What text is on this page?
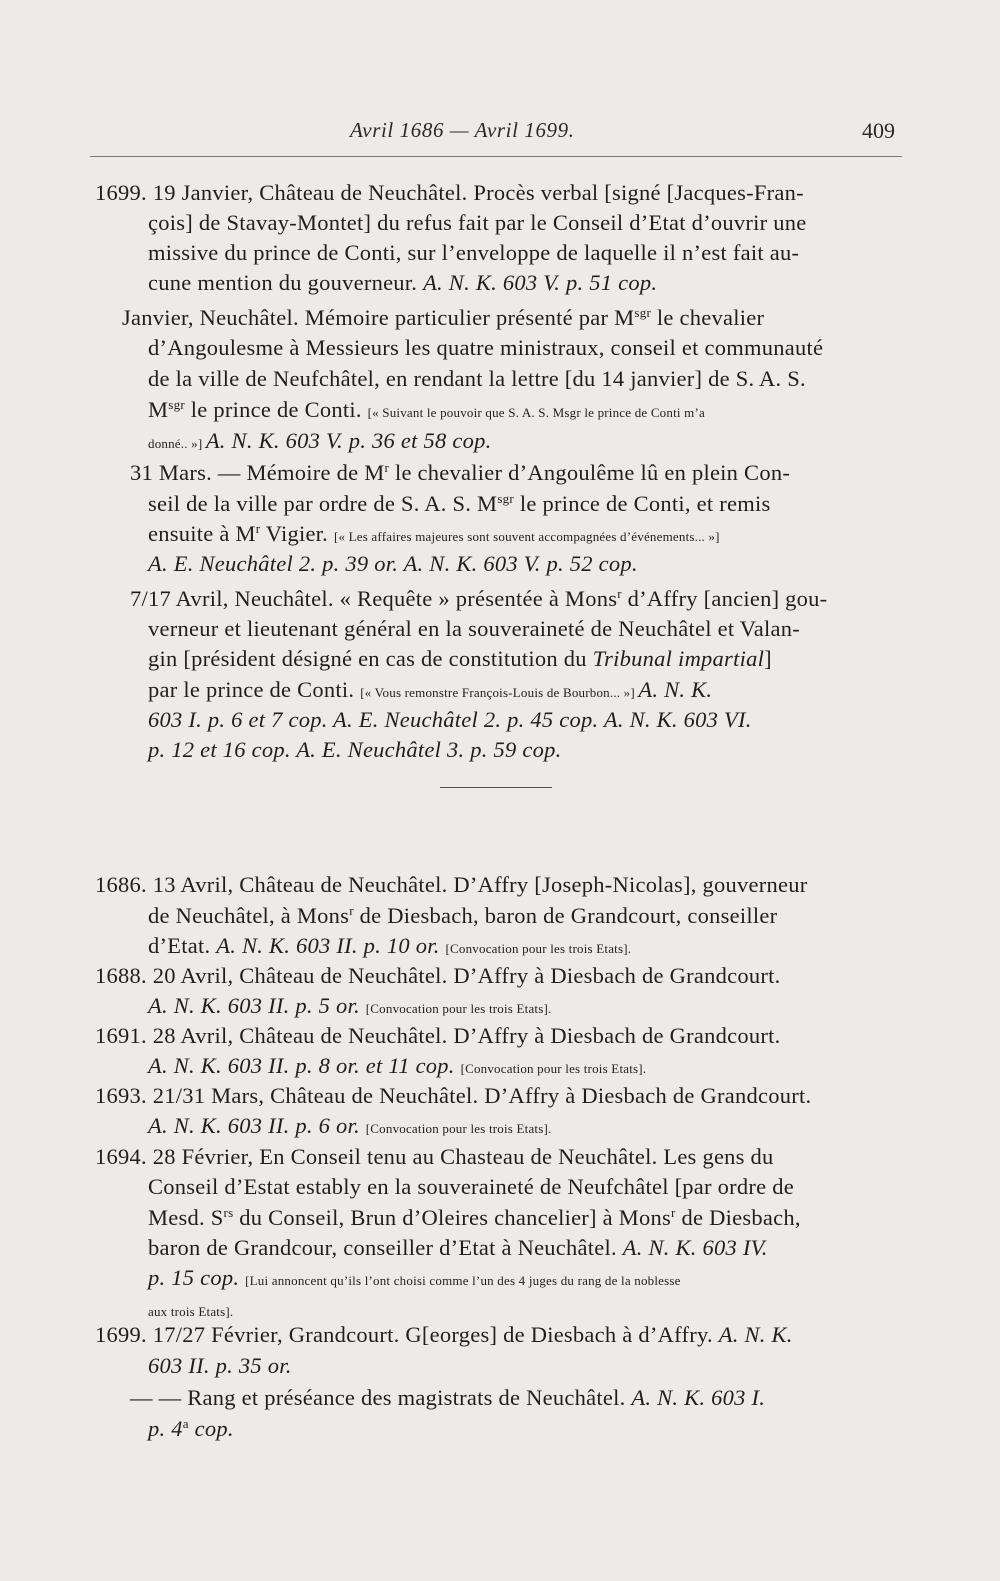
Avril 1686 — Avril 1699.	409
1699. 19 Janvier, Château de Neuchâtel. Procès verbal [signé [Jacques-Fran-
çois] de Stavay-Montet] du refus fait par le Conseil d’Etat d’ouvrir une
missive du prince de Conti, sur l’enveloppe de laquelle il n’est fait au-
cune mention du gouverneur. A. N. K. 603 V. p. 51 cop.
Janvier, Neuchâtel. Mémoire particulier présenté par $M^{sgr}$ le chevalier
d’Angoulesme à Messieurs les quatre ministraux, conseil et communauté
de la ville de Neufchâtel, en rendant la lettre [du 14 janvier] de S. A. S.
$M^{sgr}$ le prince de Conti. [« Suivant le pouvoir que S. A. S. Msgr le prince de Conti m’a
donné.. »] A. N. K. 603 V. p. 36 et 58 cop.
31 Mars. — Mémoire de $M^r$ le chevalier d’Angoulême lû en plein Con-
seil de la ville par ordre de S. A. S. $M^{sgr}$ le prince de Conti, et remis
ensuite à $M^r$ Vigier. [« Les affaires majeures sont souvent accompagnées d’événements... »]
A. E. Neuchâtel 2. p. 39 or. A. N. K. 603 V. p. 52 cop.
7/17 Avril, Neuchâtel. « Requête » présentée à Mons$^r$ d’Affry [ancien] gou-
verneur et lieutenant général en la souveraineté de Neuchâtel et Valan-
gin [président désigné en cas de constitution du Tribunal impartial]
par le prince de Conti. [« Vous remonstre François-Louis de Bourbon... »] A. N. K.
603 I. p. 6 et 7 cop. A. E. Neuchâtel 2. p. 45 cop. A. N. K. 603 VI.
p. 12 et 16 cop. A. E. Neuchâtel 3. p. 59 cop.
1686. 13 Avril, Château de Neuchâtel. D’Affry [Joseph-Nicolas], gouverneur
de Neuchâtel, à Mons$^r$ de Diesbach, baron de Grandcourt, conseiller
d’Etat. A. N. K. 603 II. p. 10 or. [Convocation pour les trois Etats].
1688. 20 Avril, Château de Neuchâtel. D’Affry à Diesbach de Grandcourt.
A. N. K. 603 II. p. 5 or. [Convocation pour les trois Etats].
1691. 28 Avril, Château de Neuchâtel. D’Affry à Diesbach de Grandcourt.
A. N. K. 603 II. p. 8 or. et 11 cop. [Convocation pour les trois Etats].
1693. 21/31 Mars, Château de Neuchâtel. D’Affry à Diesbach de Grandcourt.
A. N. K. 603 II. p. 6 or. [Convocation pour les trois Etats].
1694. 28 Février, En Conseil tenu au Chasteau de Neuchâtel. Les gens du
Conseil d’Estat estably en la souveraineté de Neufchâtel [par ordre de
Mesd. $S^{rs}$ du Conseil, Brun d’Oleires chancelier] à Mons$^r$ de Diesbach,
baron de Grandcour, conseiller d’Etat à Neuchâtel. A. N. K. 603 IV.
p. 15 cop. [Lui annoncent qu’ils l’ont choisi comme l’un des 4 juges du rang de la noblesse
aux trois Etats].
1699. 17/27 Février, Grandcourt. G[eorges] de Diesbach à d’Affry. A. N. K.
603 II. p. 35 or.
— — Rang et préséance des magistrats de Neuchâtel. A. N. K. 603 I.
p. 4$^a$ cop.
